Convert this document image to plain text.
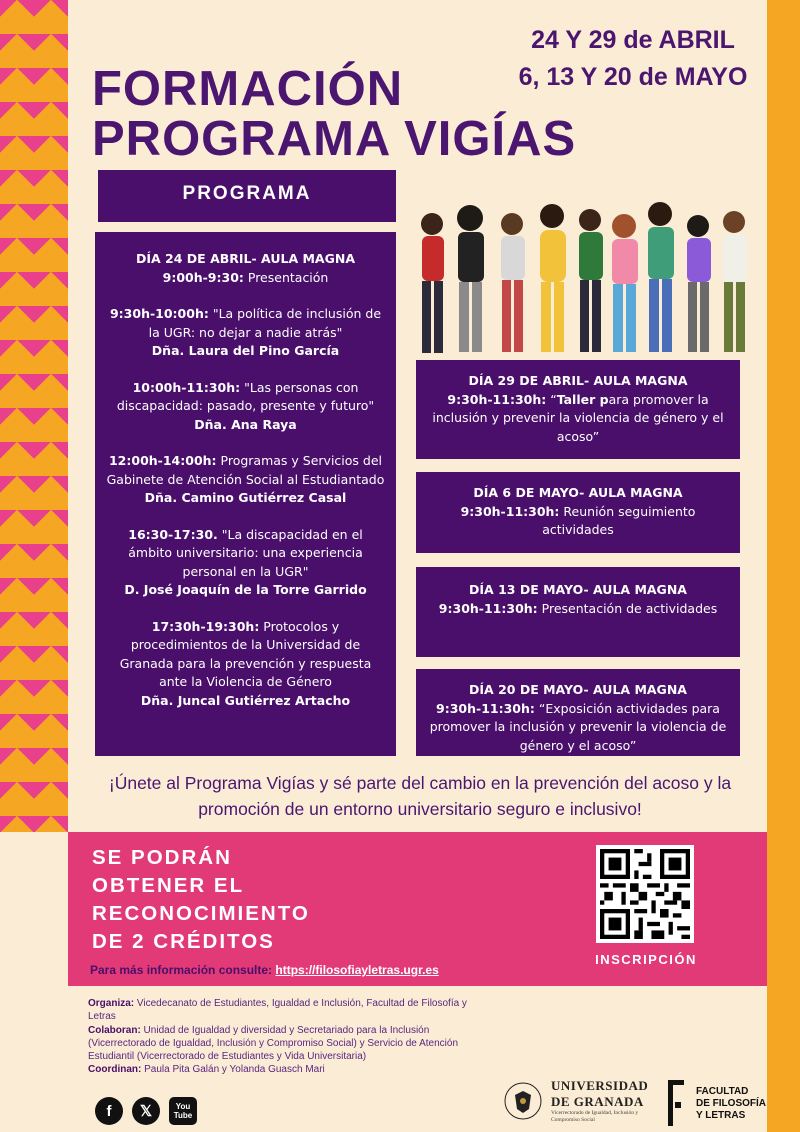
24 Y 29 de ABRIL
6, 13 Y 20 de MAYO
FORMACIÓN
PROGRAMA VIGÍAS
PROGRAMA
DÍA 24 DE ABRIL- AULA MAGNA
9:00h-9:30: Presentación
9:30h-10:00h: "La política de inclusión de la UGR: no dejar a nadie atrás"
Dña. Laura del Pino García
10:00h-11:30h: "Las personas con discapacidad: pasado, presente y futuro"
Dña. Ana Raya
12:00h-14:00h: Programas y Servicios del Gabinete de Atención Social al Estudiantado
Dña. Camino Gutiérrez Casal
16:30-17:30. "La discapacidad en el ámbito universitario: una experiencia personal en la UGR"
D. José Joaquín de la Torre Garrido
17:30h-19:30h: Protocolos y procedimientos de la Universidad de Granada para la prevención y respuesta ante la Violencia de Género
Dña. Juncal Gutiérrez Artacho
DÍA 29 DE ABRIL- AULA MAGNA
9:30h-11:30h: “Taller para promover la inclusión y prevenir la violencia de género y el acoso”
DÍA 6 DE MAYO- AULA MAGNA
9:30h-11:30h: Reunión seguimiento actividades
DÍA 13 DE MAYO- AULA MAGNA
9:30h-11:30h: Presentación de actividades
DÍA 20 DE MAYO- AULA MAGNA
9:30h-11:30h: “Exposición actividades para promover la inclusión y prevenir la violencia de género y el acoso”
¡Únete al Programa Vigías y sé parte del cambio en la prevención del acoso y la promoción de un entorno universitario seguro e inclusivo!
SE PODRÁN
OBTENER EL
RECONOCIMIENTO
DE 2 CRÉDITOS
Para más información consulte: https://filosofiayletras.ugr.es
INSCRIPCIÓN
Organiza: Vicedecanato de Estudiantes, Igualdad e Inclusión, Facultad de Filosofía y Letras
Colaboran: Unidad de Igualdad y diversidad y Secretariado para la Inclusión (Vicerrectorado de Igualdad, Inclusión y Compromiso Social) y Servicio de Atención Estudiantil (Vicerrectorado de Estudiantes y Vida Universitaria)
Coordinan: Paula Pita Galán y Yolanda Guasch Mari
f	𝕏	You
Tube
UNIVERSIDAD
DE GRANADA
Vicerrectorado de Igualdad, Inclusión y Compromiso Social
FACULTAD
DE FILOSOFÍA
Y LETRAS
